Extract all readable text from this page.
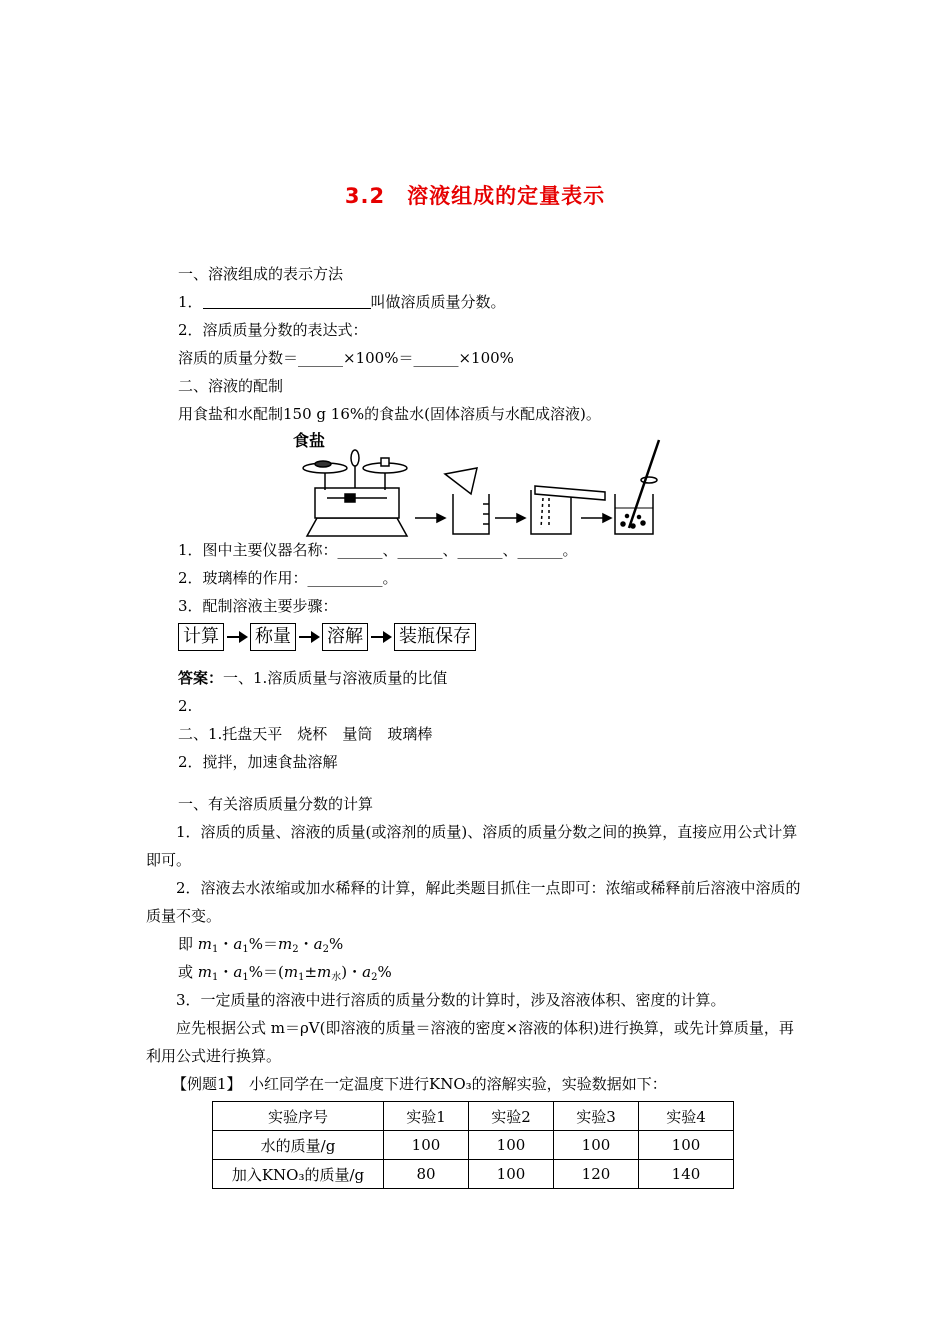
3.2　溶液组成的定量表示
一、溶液组成的表示方法
1．	叫做溶质质量分数。
2．溶质质量分数的表达式：
溶质的质量分数＝______×100%＝______×100%
二、溶液的配制
用食盐和水配制150 g 16%的食盐水(固体溶质与水配成溶液)。
食盐
1．图中主要仪器名称：______、______、______、______。
2．玻璃棒的作用：__________。
3．配制溶液主要步骤：
计算 称量 溶解 装瓶保存
答案：一、1.溶质质量与溶液质量的比值
2.
二、1.托盘天平　烧杯　量筒　玻璃棒
2．搅拌，加速食盐溶解
一、有关溶质质量分数的计算
1．溶质的质量、溶液的质量(或溶剂的质量)、溶质的质量分数之间的换算，直接应用公式计算即可。
2．溶液去水浓缩或加水稀释的计算，解此类题目抓住一点即可：浓缩或稀释前后溶液中溶质的质量不变。
即 $m_1$・$a_1\%=m_2$・$a_2\%$
或 $m_1$・$a_1\%=(m_1\pm m_水)$・$a_2\%$
3．一定质量的溶液中进行溶质的质量分数的计算时，涉及溶液体积、密度的计算。
应先根据公式 m＝ρV(即溶液的质量＝溶液的密度×溶液的体积)进行换算，或先计算质量，再利用公式进行换算。
【例题1】　小红同学在一定温度下进行KNO₃的溶解实验，实验数据如下：
实验序号	实验1	实验2	实验3	实验4
水的质量/g	100	100	100	100
加入KNO₃的质量/g	80	100	120	140
